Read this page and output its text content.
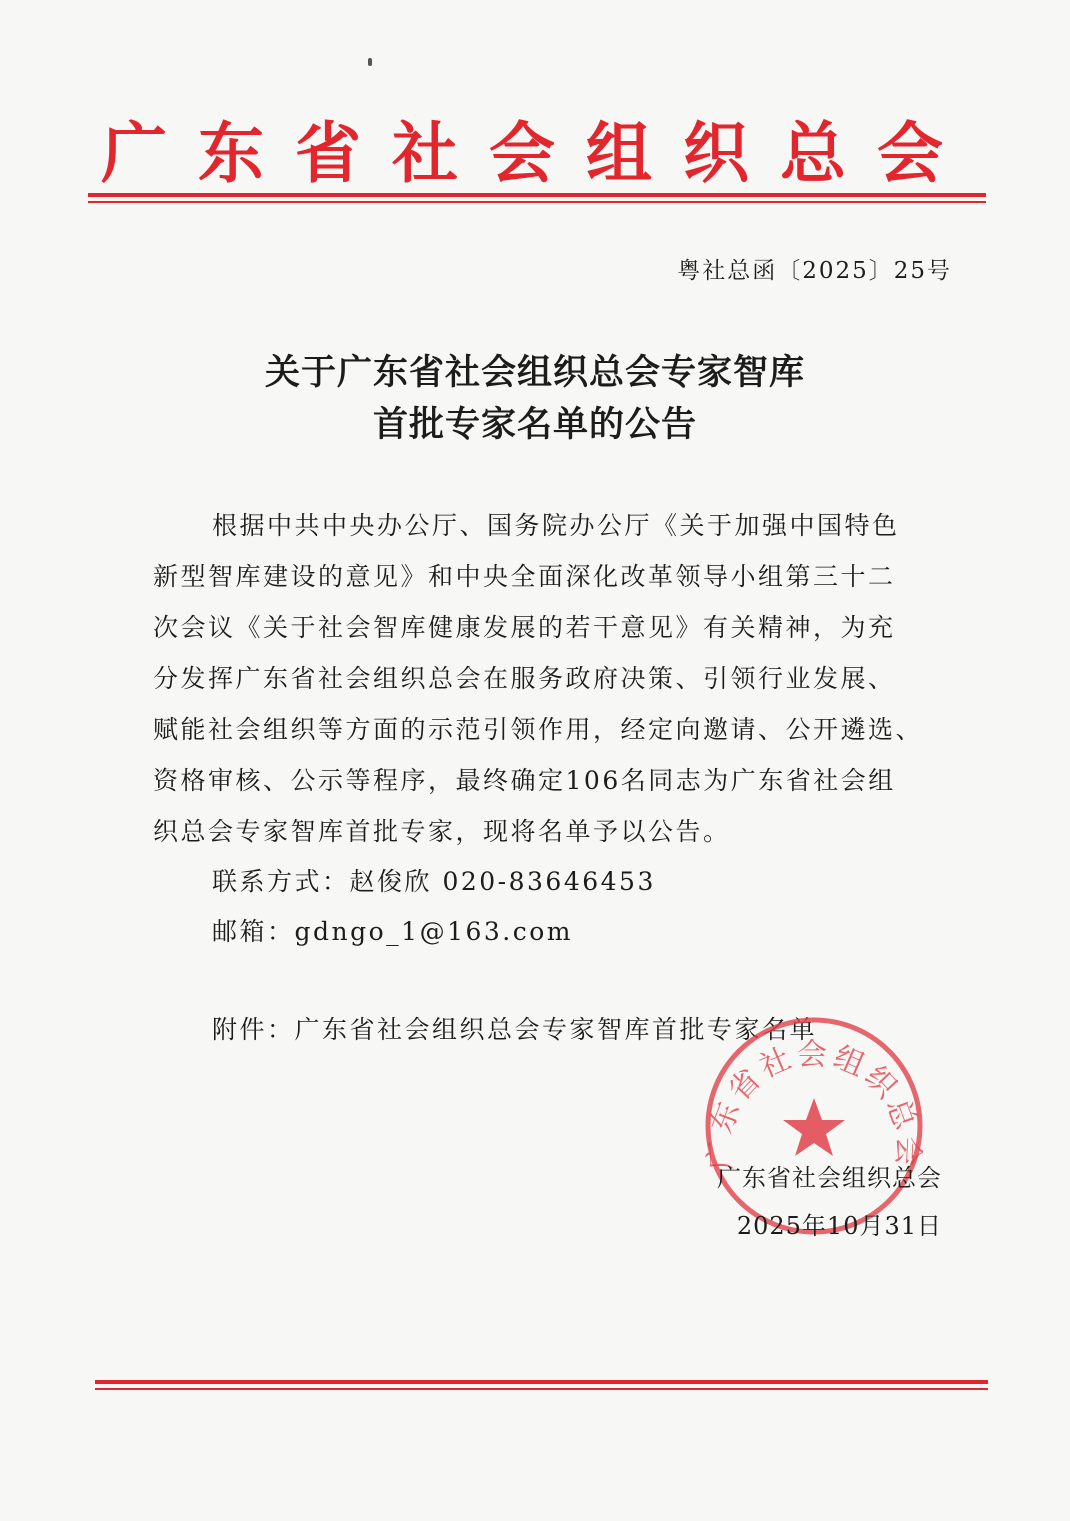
广东省社会组织总会
粤社总函〔2025〕25号
关于广东省社会组织总会专家智库
首批专家名单的公告
根据中共中央办公厅、国务院办公厅《关于加强中国特色
新型智库建设的意见》和中央全面深化改革领导小组第三十二
次会议《关于社会智库健康发展的若干意见》有关精神，为充
分发挥广东省社会组织总会在服务政府决策、引领行业发展、
赋能社会组织等方面的示范引领作用，经定向邀请、公开遴选、
资格审核、公示等程序，最终确定106名同志为广东省社会组
织总会专家智库首批专家，现将名单予以公告。
联系方式：赵俊欣 020-83646453
邮箱：gdngo_1@163.com
附件：广东省社会组织总会专家智库首批专家名单
广东省社会组织总会
广东省社会组织总会
2025年10月31日
